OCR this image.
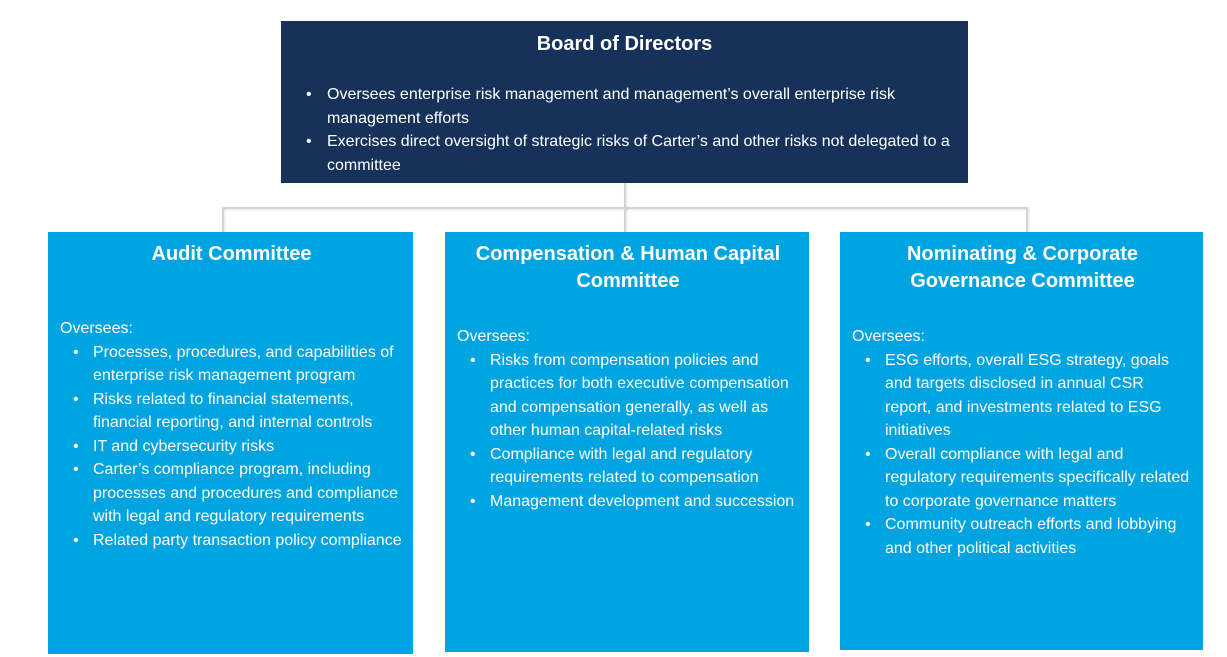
Board of Directors
• Oversees enterprise risk management and management’s overall enterprise risk management efforts
• Exercises direct oversight of strategic risks of Carter’s and other risks not delegated to a committee
Audit Committee

Oversees:

• Processes, procedures, and capabilities of enterprise risk management program
• Risks related to financial statements, financial reporting, and internal controls
• IT and cybersecurity risks
• Carter’s compliance program, including processes and procedures and compliance with legal and regulatory requirements
• Related party transaction policy compliance
Compensation & Human Capital Committee

Oversees:

• Risks from compensation policies and practices for both executive compensation and compensation generally, as well as other human capital-related risks
• Compliance with legal and regulatory requirements related to compensation
• Management development and succession
Nominating & Corporate Governance Committee

Oversees:

• ESG efforts, overall ESG strategy, goals and targets disclosed in annual CSR report, and investments related to ESG initiatives
• Overall compliance with legal and regulatory requirements specifically related to corporate governance matters
• Community outreach efforts and lobbying and other political activities
